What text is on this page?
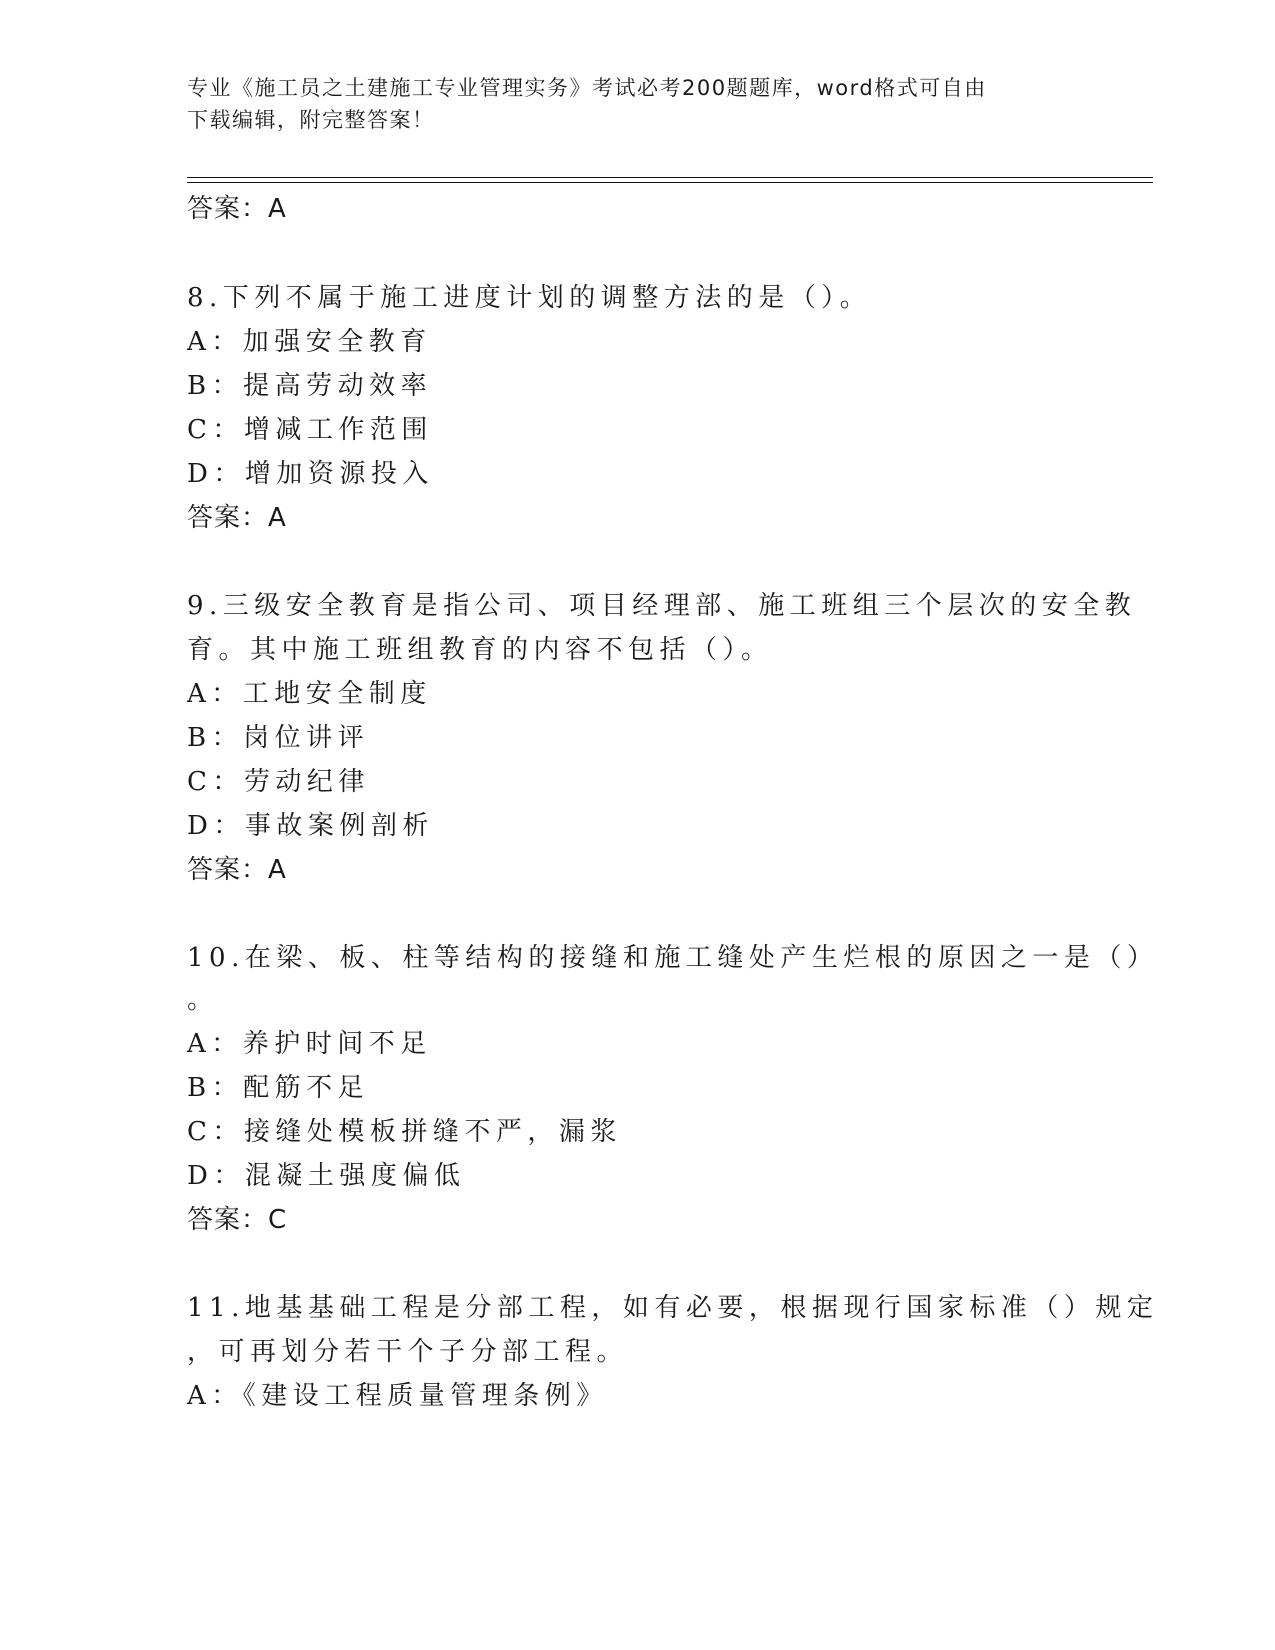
专业《施工员之土建施工专业管理实务》考试必考200题题库，word格式可自由
下载编辑，附完整答案！
答案：A
8.下列不属于施工进度计划的调整方法的是（）。
A：加强安全教育
B：提高劳动效率
C：增减工作范围
D：增加资源投入
答案：A
9.三级安全教育是指公司、项目经理部、施工班组三个层次的安全教
育。其中施工班组教育的内容不包括（）。
A：工地安全制度
B：岗位讲评
C：劳动纪律
D：事故案例剖析
答案：A
10.在梁、板、柱等结构的接缝和施工缝处产生烂根的原因之一是（）
。
A：养护时间不足
B：配筋不足
C：接缝处模板拼缝不严，漏浆
D：混凝土强度偏低
答案：C
11.地基基础工程是分部工程，如有必要，根据现行国家标准（）规定
，可再划分若干个子分部工程。
A：《建设工程质量管理条例》
